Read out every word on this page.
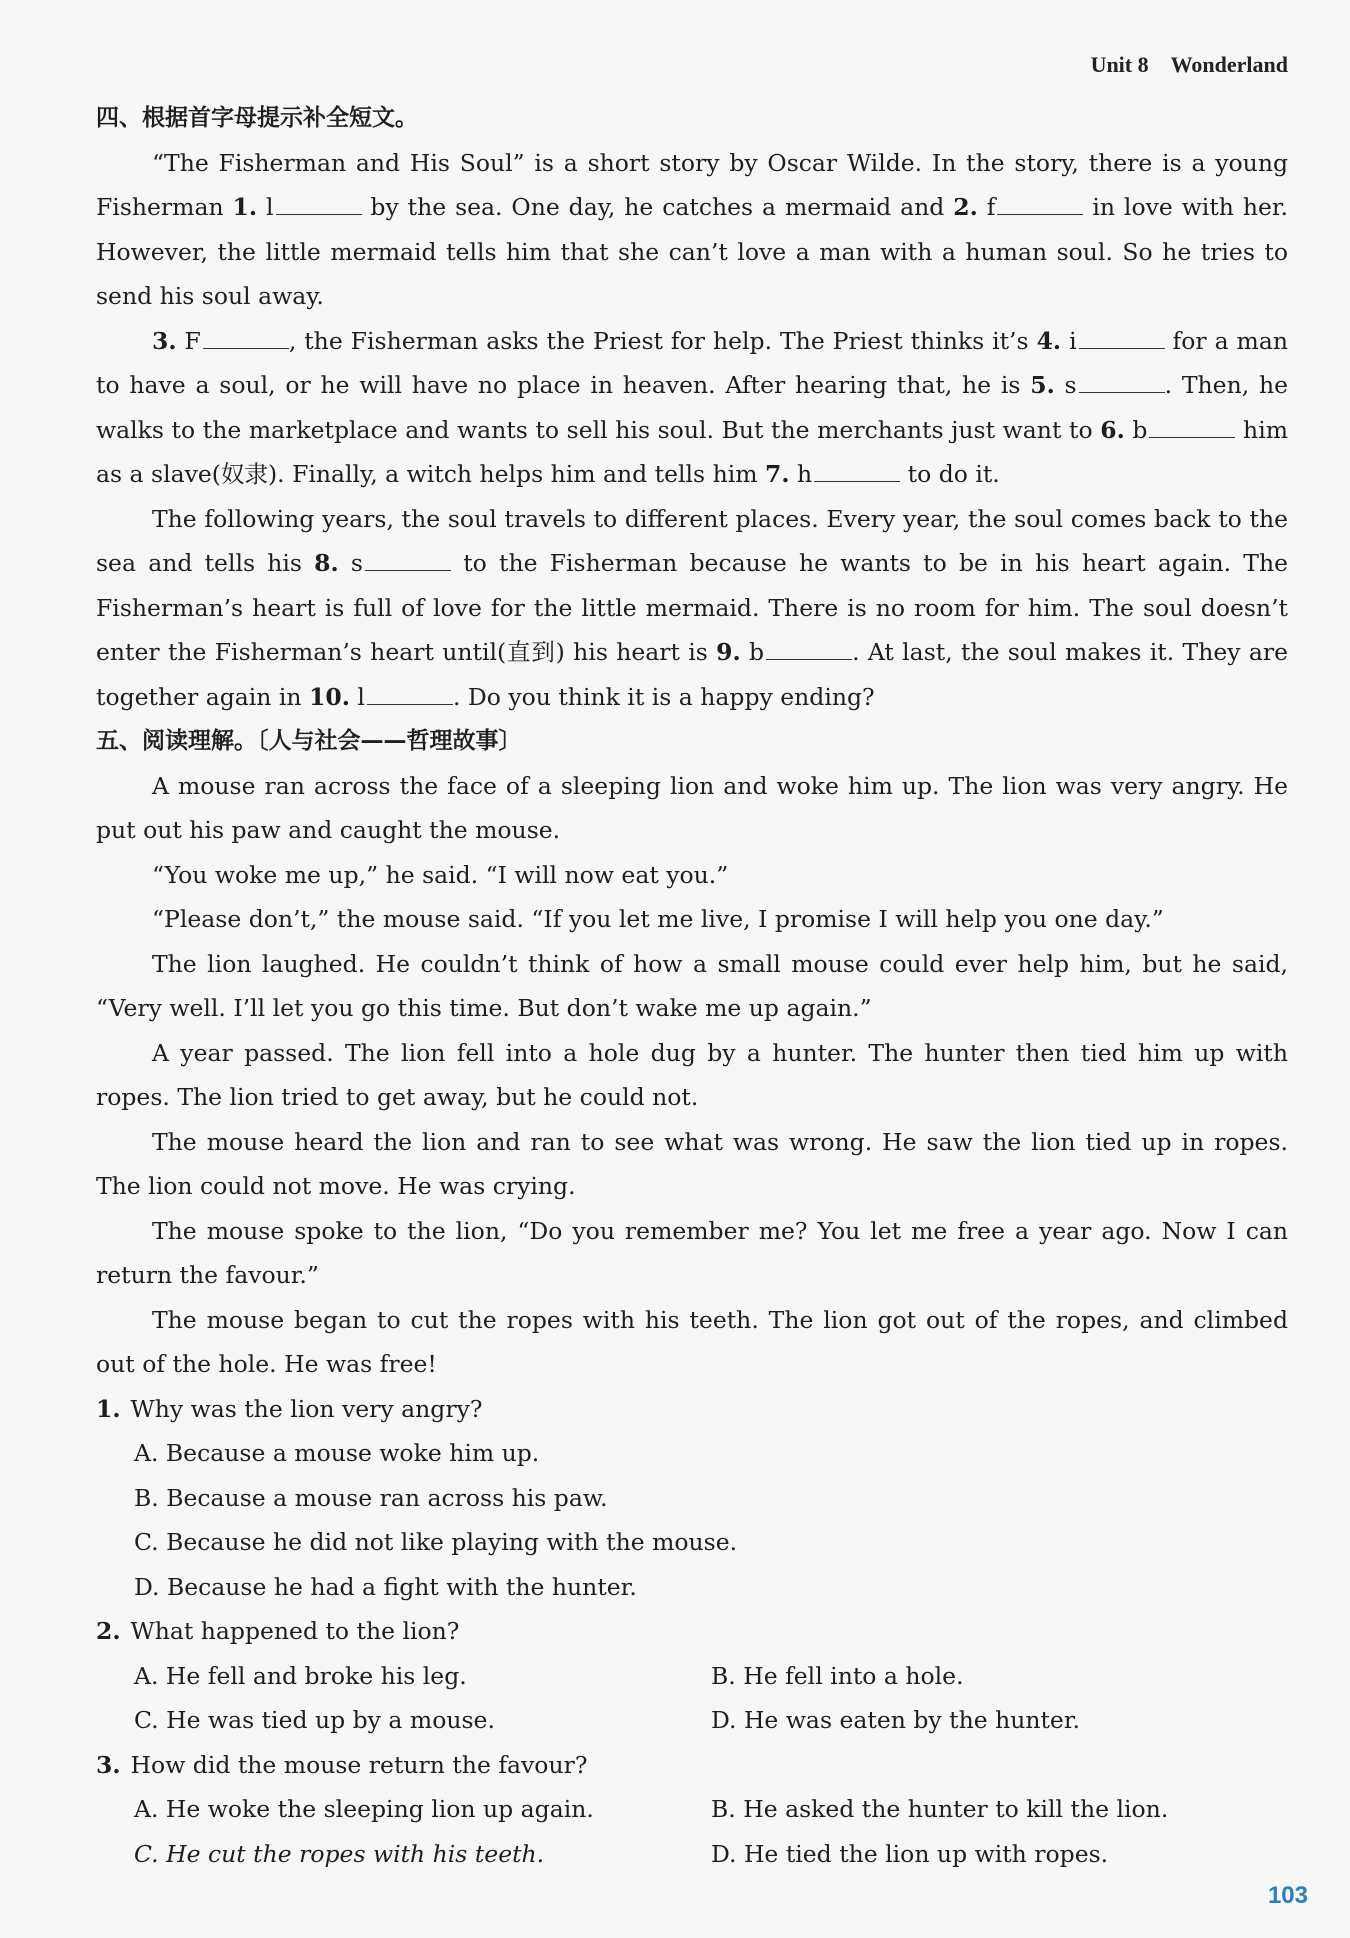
Unit 8 Wonderland
四、根据首字母提示补全短文。

“The Fisherman and His Soul” is a short story by Oscar Wilde. In the story, there is a young Fisherman 1. l	by the sea. One day, he catches a mermaid and 2. f	in love with her. However, the little mermaid tells him that she can’t love a man with a human soul. So he tries to send his soul away.

3. F	, the Fisherman asks the Priest for help. The Priest thinks it’s 4. i	for a man to have a soul, or he will have no place in heaven. After hearing that, he is 5. s	. Then, he walks to the marketplace and wants to sell his soul. But the merchants just want to 6. b	him as a slave(奴隶). Finally, a witch helps him and tells him 7. h	to do it.

The following years, the soul travels to different places. Every year, the soul comes back to the sea and tells his 8. s	to the Fisherman because he wants to be in his heart again. The Fisherman’s heart is full of love for the little mermaid. There is no room for him. The soul doesn’t enter the Fisherman’s heart until(直到) his heart is 9. b	. At last, the soul makes it. They are together again in 10. l	. Do you think it is a happy ending?

五、阅读理解。〔人与社会——哲理故事〕

A mouse ran across the face of a sleeping lion and woke him up. The lion was very angry. He put out his paw and caught the mouse.

“You woke me up,” he said. “I will now eat you.”

“Please don’t,” the mouse said. “If you let me live, I promise I will help you one day.”

The lion laughed. He couldn’t think of how a small mouse could ever help him, but he said, “Very well. I’ll let you go this time. But don’t wake me up again.”

A year passed. The lion fell into a hole dug by a hunter. The hunter then tied him up with ropes. The lion tried to get away, but he could not.

The mouse heard the lion and ran to see what was wrong. He saw the lion tied up in ropes. The lion could not move. He was crying.

The mouse spoke to the lion, “Do you remember me? You let me free a year ago. Now I can return the favour.”

The mouse began to cut the ropes with his teeth. The lion got out of the ropes, and climbed out of the hole. He was free!

1. Why was the lion very angry?
A. Because a mouse woke him up.
B. Because a mouse ran across his paw.
C. Because he did not like playing with the mouse.
D. Because he had a fight with the hunter.
2. What happened to the lion?
A. He fell and broke his leg.	B. He fell into a hole.
C. He was tied up by a mouse.	D. He was eaten by the hunter.
3. How did the mouse return the favour?
A. He woke the sleeping lion up again.	B. He asked the hunter to kill the lion.
C. He cut the ropes with his teeth.	D. He tied the lion up with ropes.
103
